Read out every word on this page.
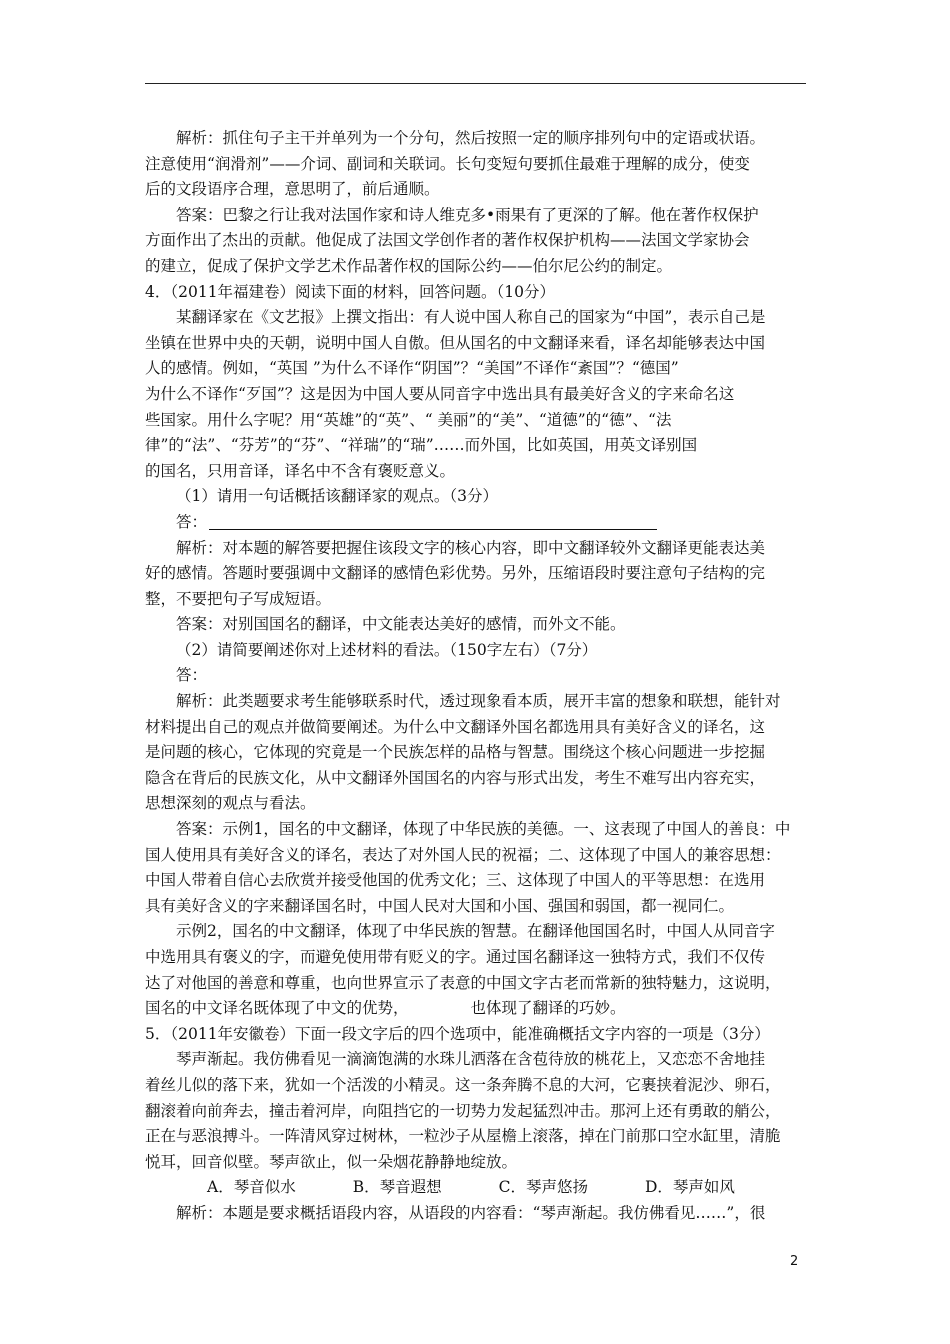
解析：抓住句子主干并单列为一个分句，然后按照一定的顺序排列句中的定语或状语。

注意使用“润滑剂”——介词、副词和关联词。长句变短句要抓住最难于理解的成分，使变

后的文段语序合理，意思明了，前后通顺。

答案：巴黎之行让我对法国作家和诗人维克多•雨果有了更深的了解。他在著作权保护

方面作出了杰出的贡献。他促成了法国文学创作者的著作权保护机构——法国文学家协会

的建立，促成了保护文学艺术作品著作权的国际公约——伯尔尼公约的制定。

4．（2011年福建卷）阅读下面的材料，回答问题。（10分）

某翻译家在《文艺报》上撰文指出：有人说中国人称自己的国家为“中国”，表示自己是

坐镇在世界中央的天朝，说明中国人自傲。但从国名的中文翻译来看，译名却能够表达中国

人的感情。例如，“英国 ”为什么不译作“阴国”？“美国”不译作“紊国”？“德国”

为什么不译作“歹国”？这是因为中国人要从同音字中选出具有最美好含义的字来命名这

些国家。用什么字呢？用“英雄”的“英”、“ 美丽”的“美”、“道德”的“德”、“法

律”的“法”、“芬芳”的“芬”、“祥瑞”的“瑞”……而外国，比如英国，用英文译别国

的国名，只用音译，译名中不含有褒贬意义。

（1）请用一句话概括该翻译家的观点。（3分）

答：

解析：对本题的解答要把握住该段文字的核心内容，即中文翻译较外文翻译更能表达美

好的感情。答题时要强调中文翻译的感情色彩优势。另外，压缩语段时要注意句子结构的完

整，不要把句子写成短语。

答案：对别国国名的翻译，中文能表达美好的感情，而外文不能。

（2）请简要阐述你对上述材料的看法。（150字左右）（7分）

答：

解析：此类题要求考生能够联系时代，透过现象看本质，展开丰富的想象和联想，能针对

材料提出自己的观点并做简要阐述。为什么中文翻译外国名都选用具有美好含义的译名，这

是问题的核心，它体现的究竟是一个民族怎样的品格与智慧。围绕这个核心问题进一步挖掘

隐含在背后的民族文化，从中文翻译外国国名的内容与形式出发，考生不难写出内容充实，

思想深刻的观点与看法。

答案：示例1，国名的中文翻译，体现了中华民族的美德。一、这表现了中国人的善良：中

国人使用具有美好含义的译名，表达了对外国人民的祝福；二、这体现了中国人的兼容思想：

中国人带着自信心去欣赏并接受他国的优秀文化；三、这体现了中国人的平等思想：在选用

具有美好含义的字来翻译国名时，中国人民对大国和小国、强国和弱国，都一视同仁。

示例2，国名的中文翻译，体现了中华民族的智慧。在翻译他国国名时，中国人从同音字

中选用具有褒义的字，而避免使用带有贬义的字。通过国名翻译这一独特方式，我们不仅传

达了对他国的善意和尊重，也向世界宣示了表意的中国文字古老而常新的独特魅力，这说明，

国名的中文译名既体现了中文的优势，	也体现了翻译的巧妙。

5．（2011年安徽卷）下面一段文字后的四个选项中，能准确概括文字内容的一项是（3分）

琴声渐起。我仿佛看见一滴滴饱满的水珠儿洒落在含苞待放的桃花上，又恋恋不舍地挂

着丝儿似的落下来，犹如一个活泼的小精灵。这一条奔腾不息的大河，它裹挟着泥沙、卵石，

翻滚着向前奔去，撞击着河岸，向阻挡它的一切势力发起猛烈冲击。那河上还有勇敢的艄公，

正在与恶浪搏斗。一阵清风穿过树林，一粒沙子从屋檐上滚落，掉在门前那口空水缸里，清脆

悦耳，回音似壁。琴声欲止，似一朵烟花静静地绽放。

A．琴音似水	B．琴音遐想	C．琴声悠扬	D．琴声如风

解析：本题是要求概括语段内容，从语段的内容看：“琴声渐起。我仿佛看见……”，很

2
